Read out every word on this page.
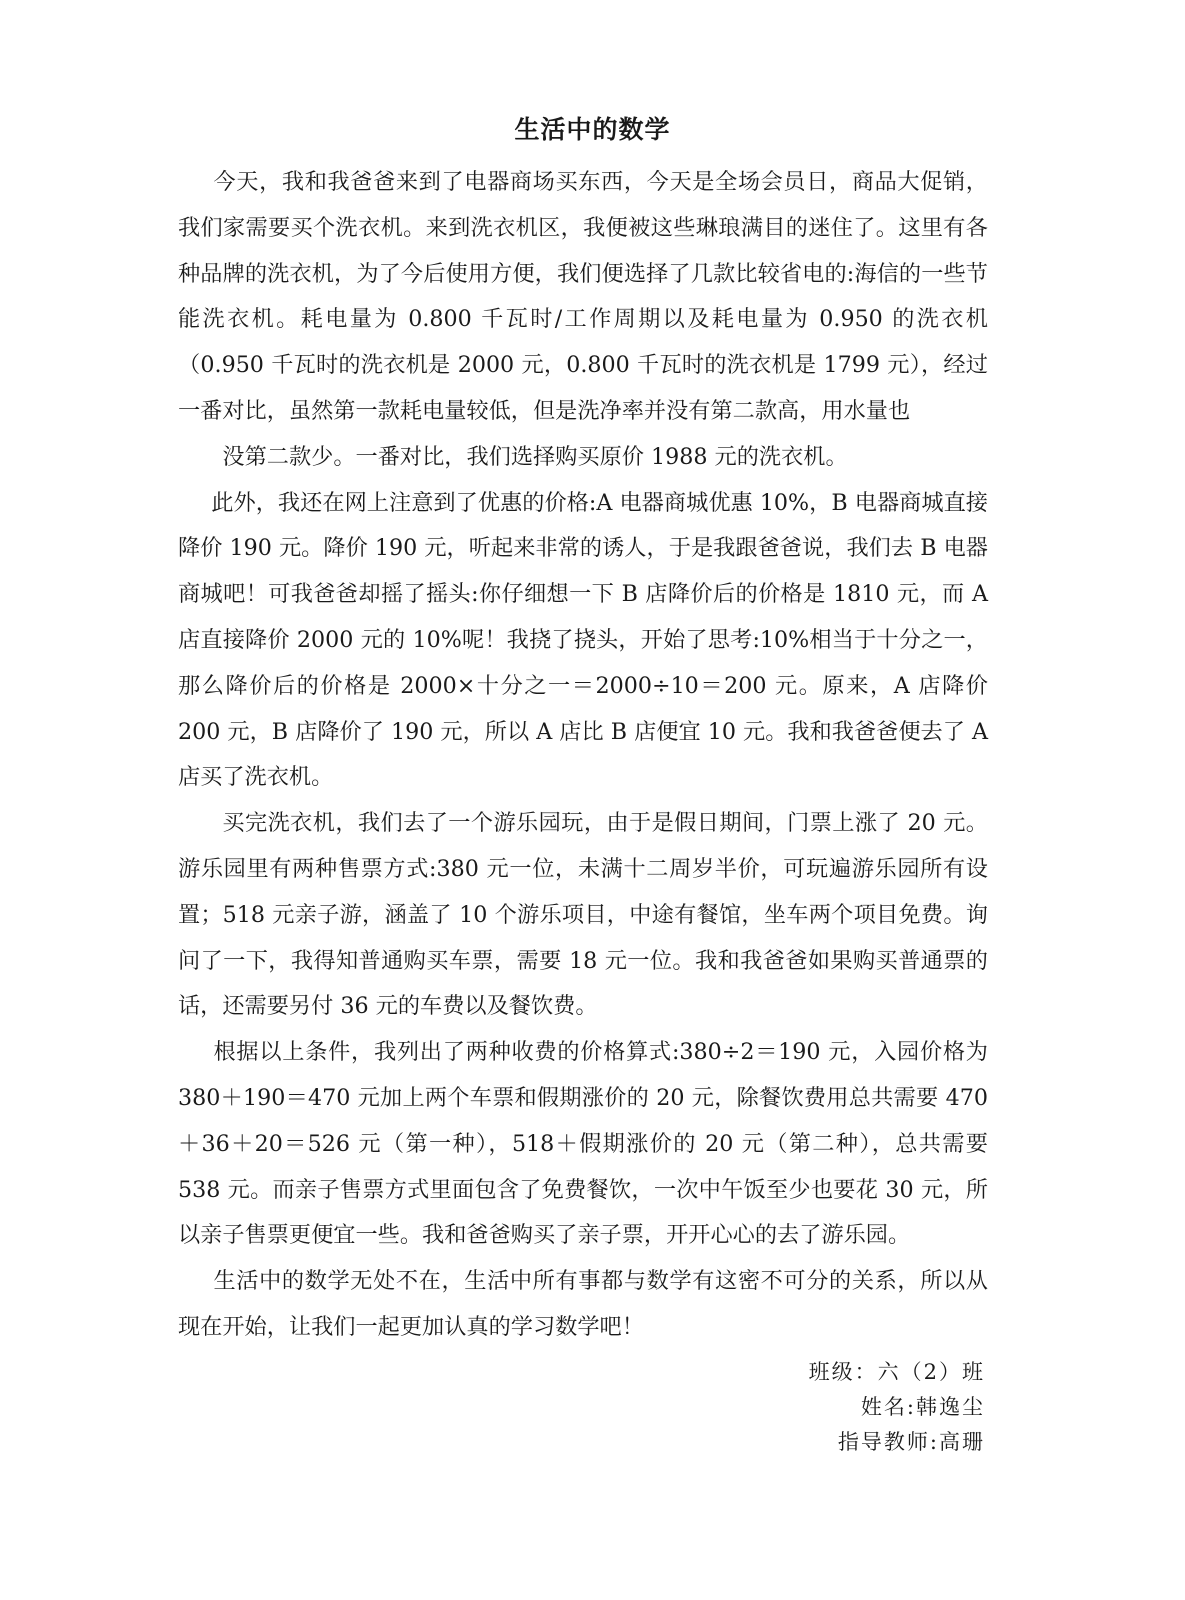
生活中的数学

今天，我和我爸爸来到了电器商场买东西，今天是全场会员日，商品大促销，我们家需要买个洗衣机。来到洗衣机区，我便被这些琳琅满目的迷住了。这里有各种品牌的洗衣机，为了今后使用方便，我们便选择了几款比较省电的:海信的一些节能洗衣机。耗电量为 0.800 千瓦时/工作周期以及耗电量为 0.950 的洗衣机（0.950 千瓦时的洗衣机是 2000 元，0.800 千瓦时的洗衣机是 1799 元），经过一番对比，虽然第一款耗电量较低，但是洗净率并没有第二款高，用水量也

没第二款少。一番对比，我们选择购买原价 1988 元的洗衣机。

此外，我还在网上注意到了优惠的价格:A 电器商城优惠 10%，B 电器商城直接降价 190 元。降价 190 元，听起来非常的诱人，于是我跟爸爸说，我们去 B 电器商城吧！可我爸爸却摇了摇头:你仔细想一下 B 店降价后的价格是 1810 元，而 A 店直接降价 2000 元的 10%呢！我挠了挠头，开始了思考:10%相当于十分之一，那么降价后的价格是 2000×十分之一＝2000÷10＝200 元。原来，A 店降价 200 元，B 店降价了 190 元，所以 A 店比 B 店便宜 10 元。我和我爸爸便去了 A 店买了洗衣机。

买完洗衣机，我们去了一个游乐园玩，由于是假日期间，门票上涨了 20 元。游乐园里有两种售票方式:380 元一位，未满十二周岁半价，可玩遍游乐园所有设置；518 元亲子游，涵盖了 10 个游乐项目，中途有餐馆，坐车两个项目免费。询问了一下，我得知普通购买车票，需要 18 元一位。我和我爸爸如果购买普通票的话，还需要另付 36 元的车费以及餐饮费。

根据以上条件，我列出了两种收费的价格算式:380÷2＝190 元，入园价格为 380＋190＝470 元加上两个车票和假期涨价的 20 元，除餐饮费用总共需要 470＋36＋20＝526 元（第一种），518＋假期涨价的 20 元（第二种），总共需要 538 元。而亲子售票方式里面包含了免费餐饮，一次中午饭至少也要花 30 元，所以亲子售票更便宜一些。我和爸爸购买了亲子票，开开心心的去了游乐园。

生活中的数学无处不在，生活中所有事都与数学有这密不可分的关系，所以从现在开始，让我们一起更加认真的学习数学吧！

班级：六（2）班
姓名:韩逸尘
指导教师:高珊
